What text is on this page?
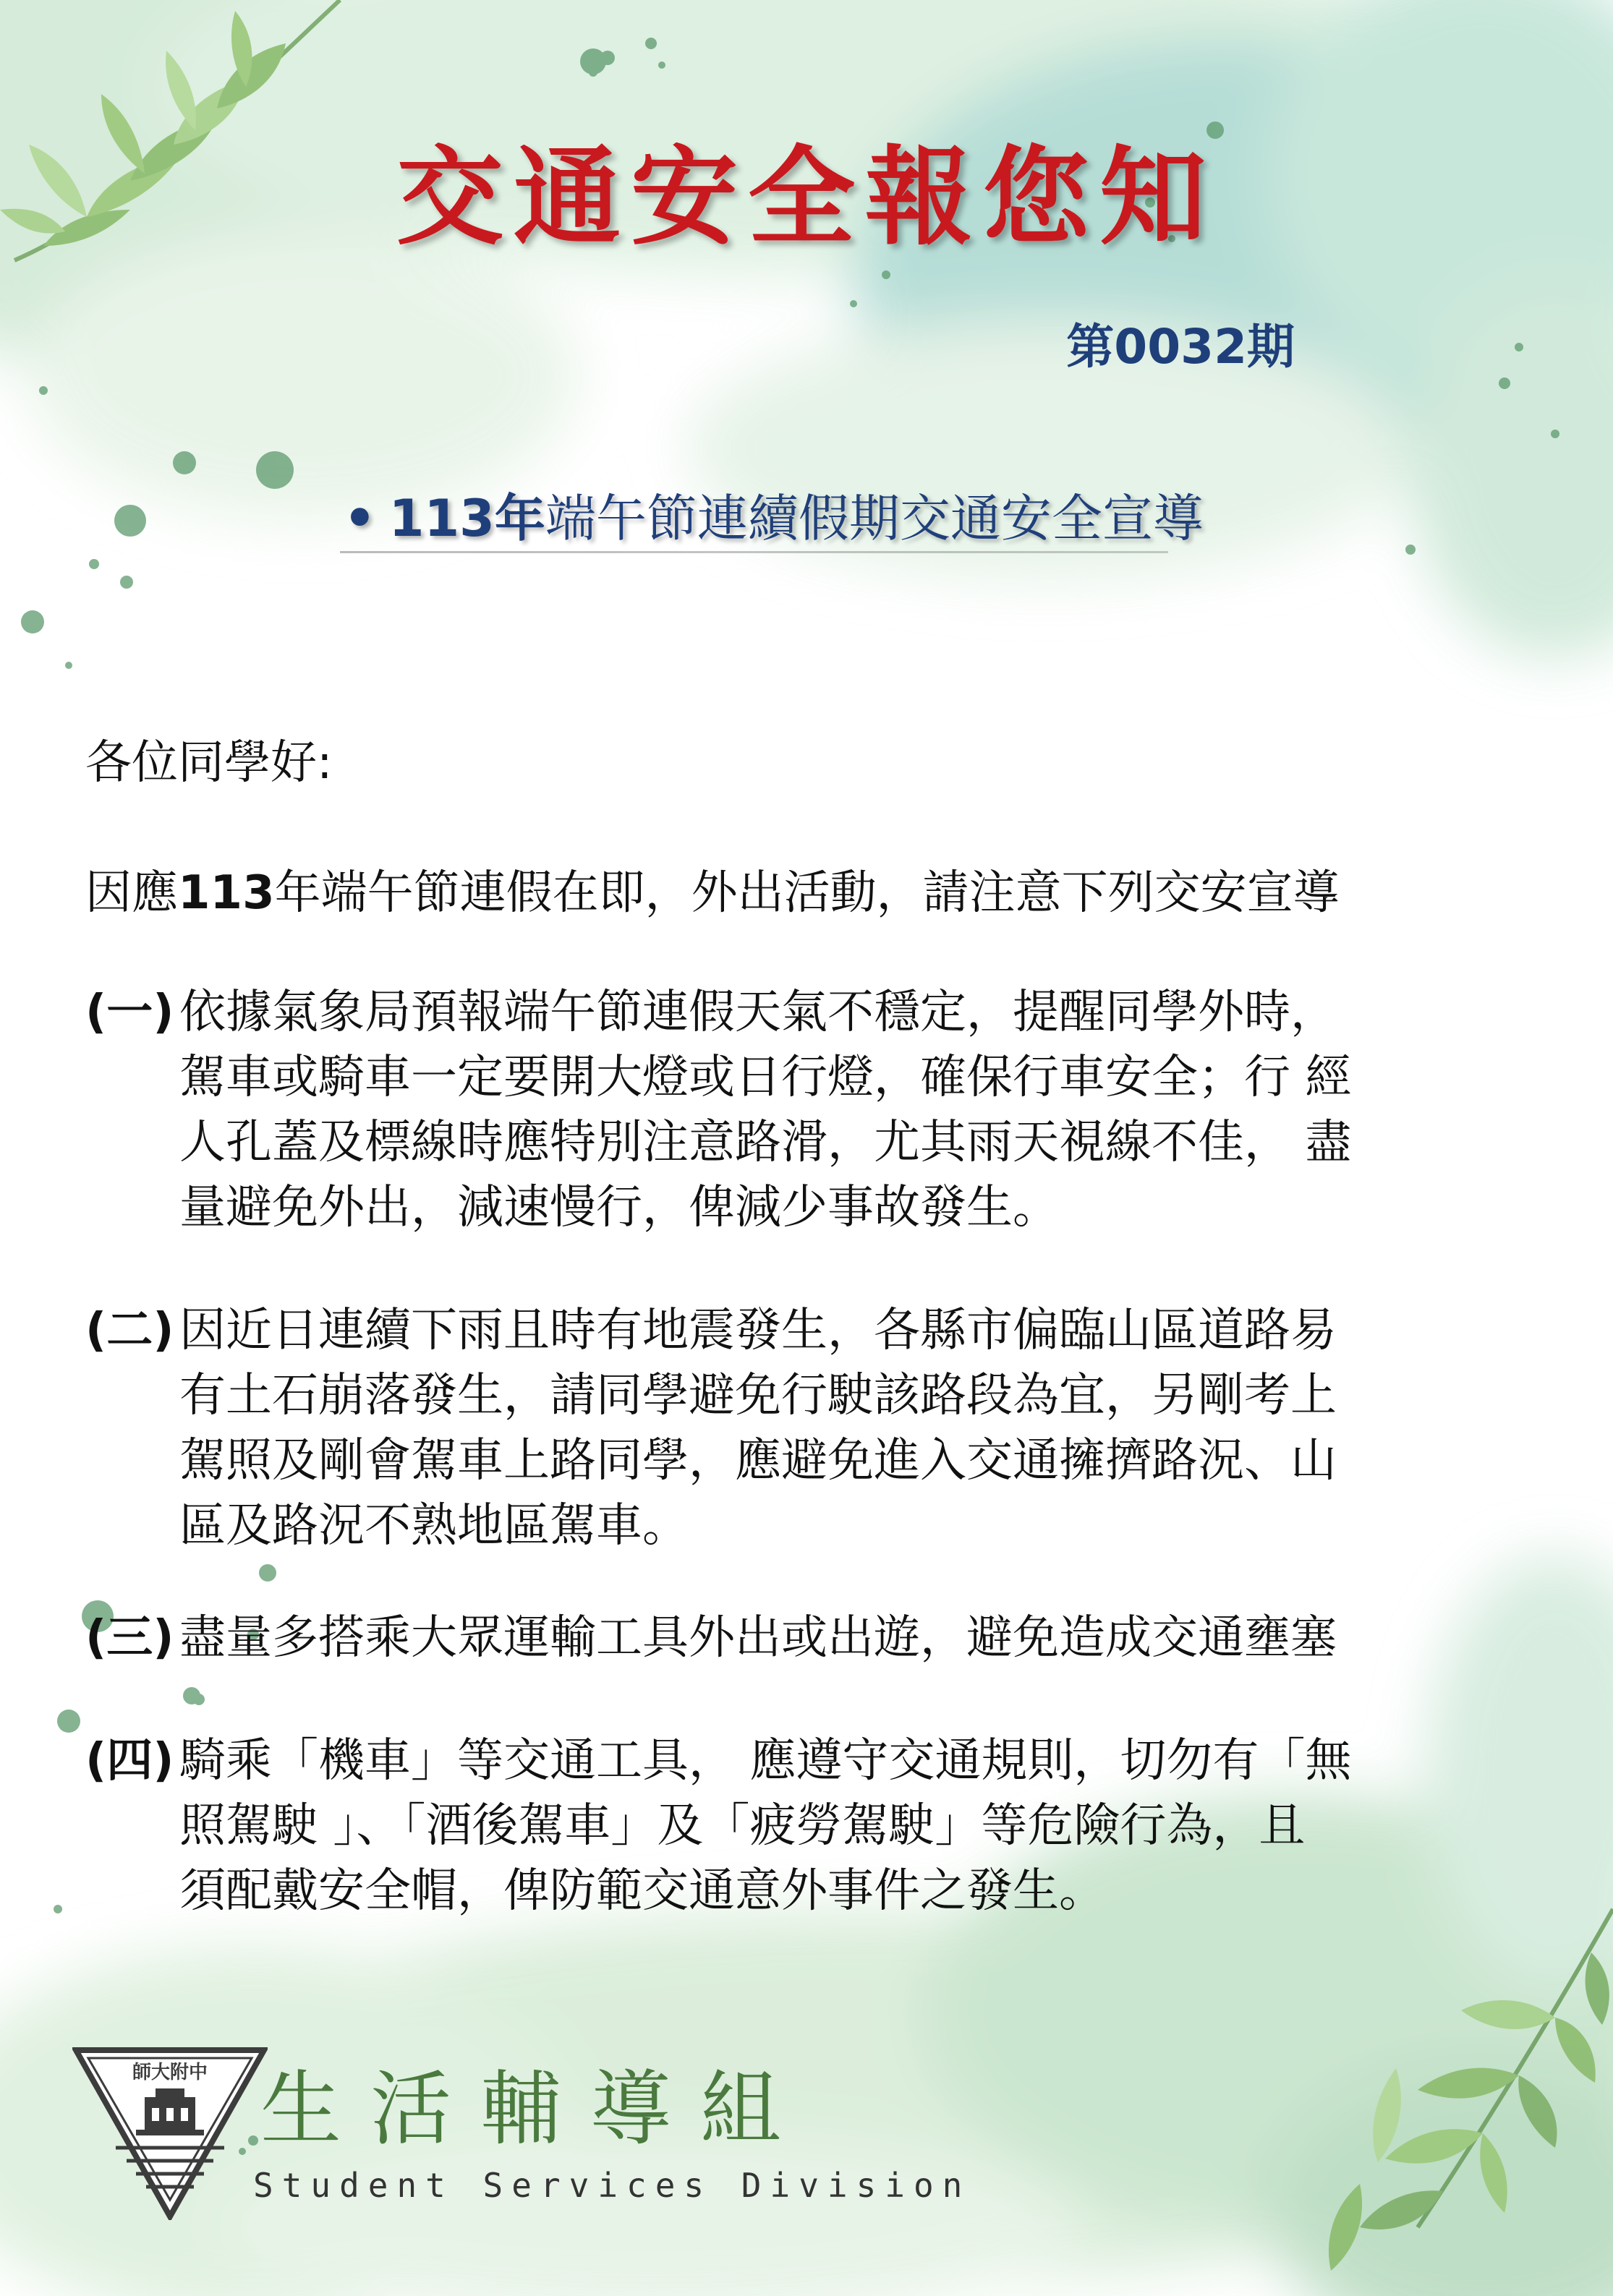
交通安全報您知
第0032期
• 113年端午節連續假期交通安全宣導
各位同學好:
因應113年端午節連假在即，外出活動，請注意下列交安宣導
(一) 依據氣象局預報端午節連假天氣不穩定，提醒同學外時，
駕車或騎車一定要開大燈或日行燈，確保行車安全；行 經
人孔蓋及標線時應特別注意路滑，尤其雨天視線不佳， 盡
量避免外出，減速慢行，俾減少事故發生。
(二) 因近日連續下雨且時有地震發生，各縣市偏臨山區道路易
有土石崩落發生，請同學避免行駛該路段為宜，另剛考上
駕照及剛會駕車上路同學，應避免進入交通擁擠路況、山
區及路況不熟地區駕車。
(三) 盡量多搭乘大眾運輸工具外出或出遊，避免造成交通壅塞
(四) 騎乘「機車」等交通工具， 應遵守交通規則，切勿有「無
照駕駛 」、「酒後駕車」及「疲勞駕駛」等危險行為，且
須配戴安全帽，俾防範交通意外事件之發生。
師大附中 生活輔導組
Student Services Division
